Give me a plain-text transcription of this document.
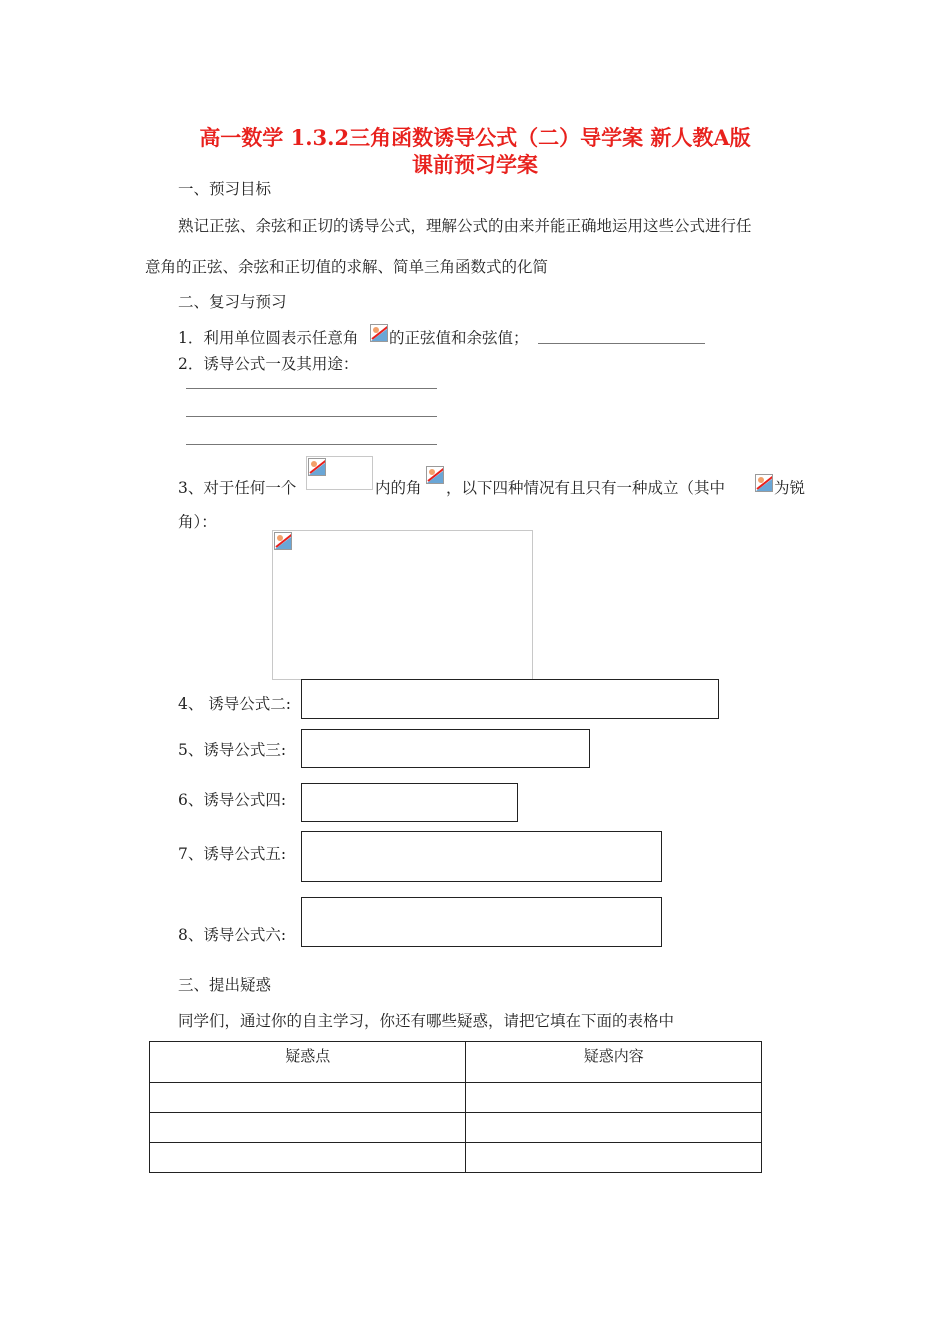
高一数学 1.3.2三角函数诱导公式（二）导学案 新人教A版
课前预习学案
一、预习目标
熟记正弦、余弦和正切的诱导公式，理解公式的由来并能正确地运用这些公式进行任
意角的正弦、余弦和正切值的求解、简单三角函数式的化简
二、复习与预习
1．利用单位圆表示任意角 的正弦值和余弦值；
2．诱导公式一及其用途：
3、对于任何一个	内的角 ，以下四种情况有且只有一种成立（其中	为锐
角）：
4、 诱导公式二:
5、诱导公式三:
6、诱导公式四:
7、诱导公式五:
8、诱导公式六:
三、提出疑惑
同学们，通过你的自主学习，你还有哪些疑惑，请把它填在下面的表格中
疑惑点	疑惑内容
